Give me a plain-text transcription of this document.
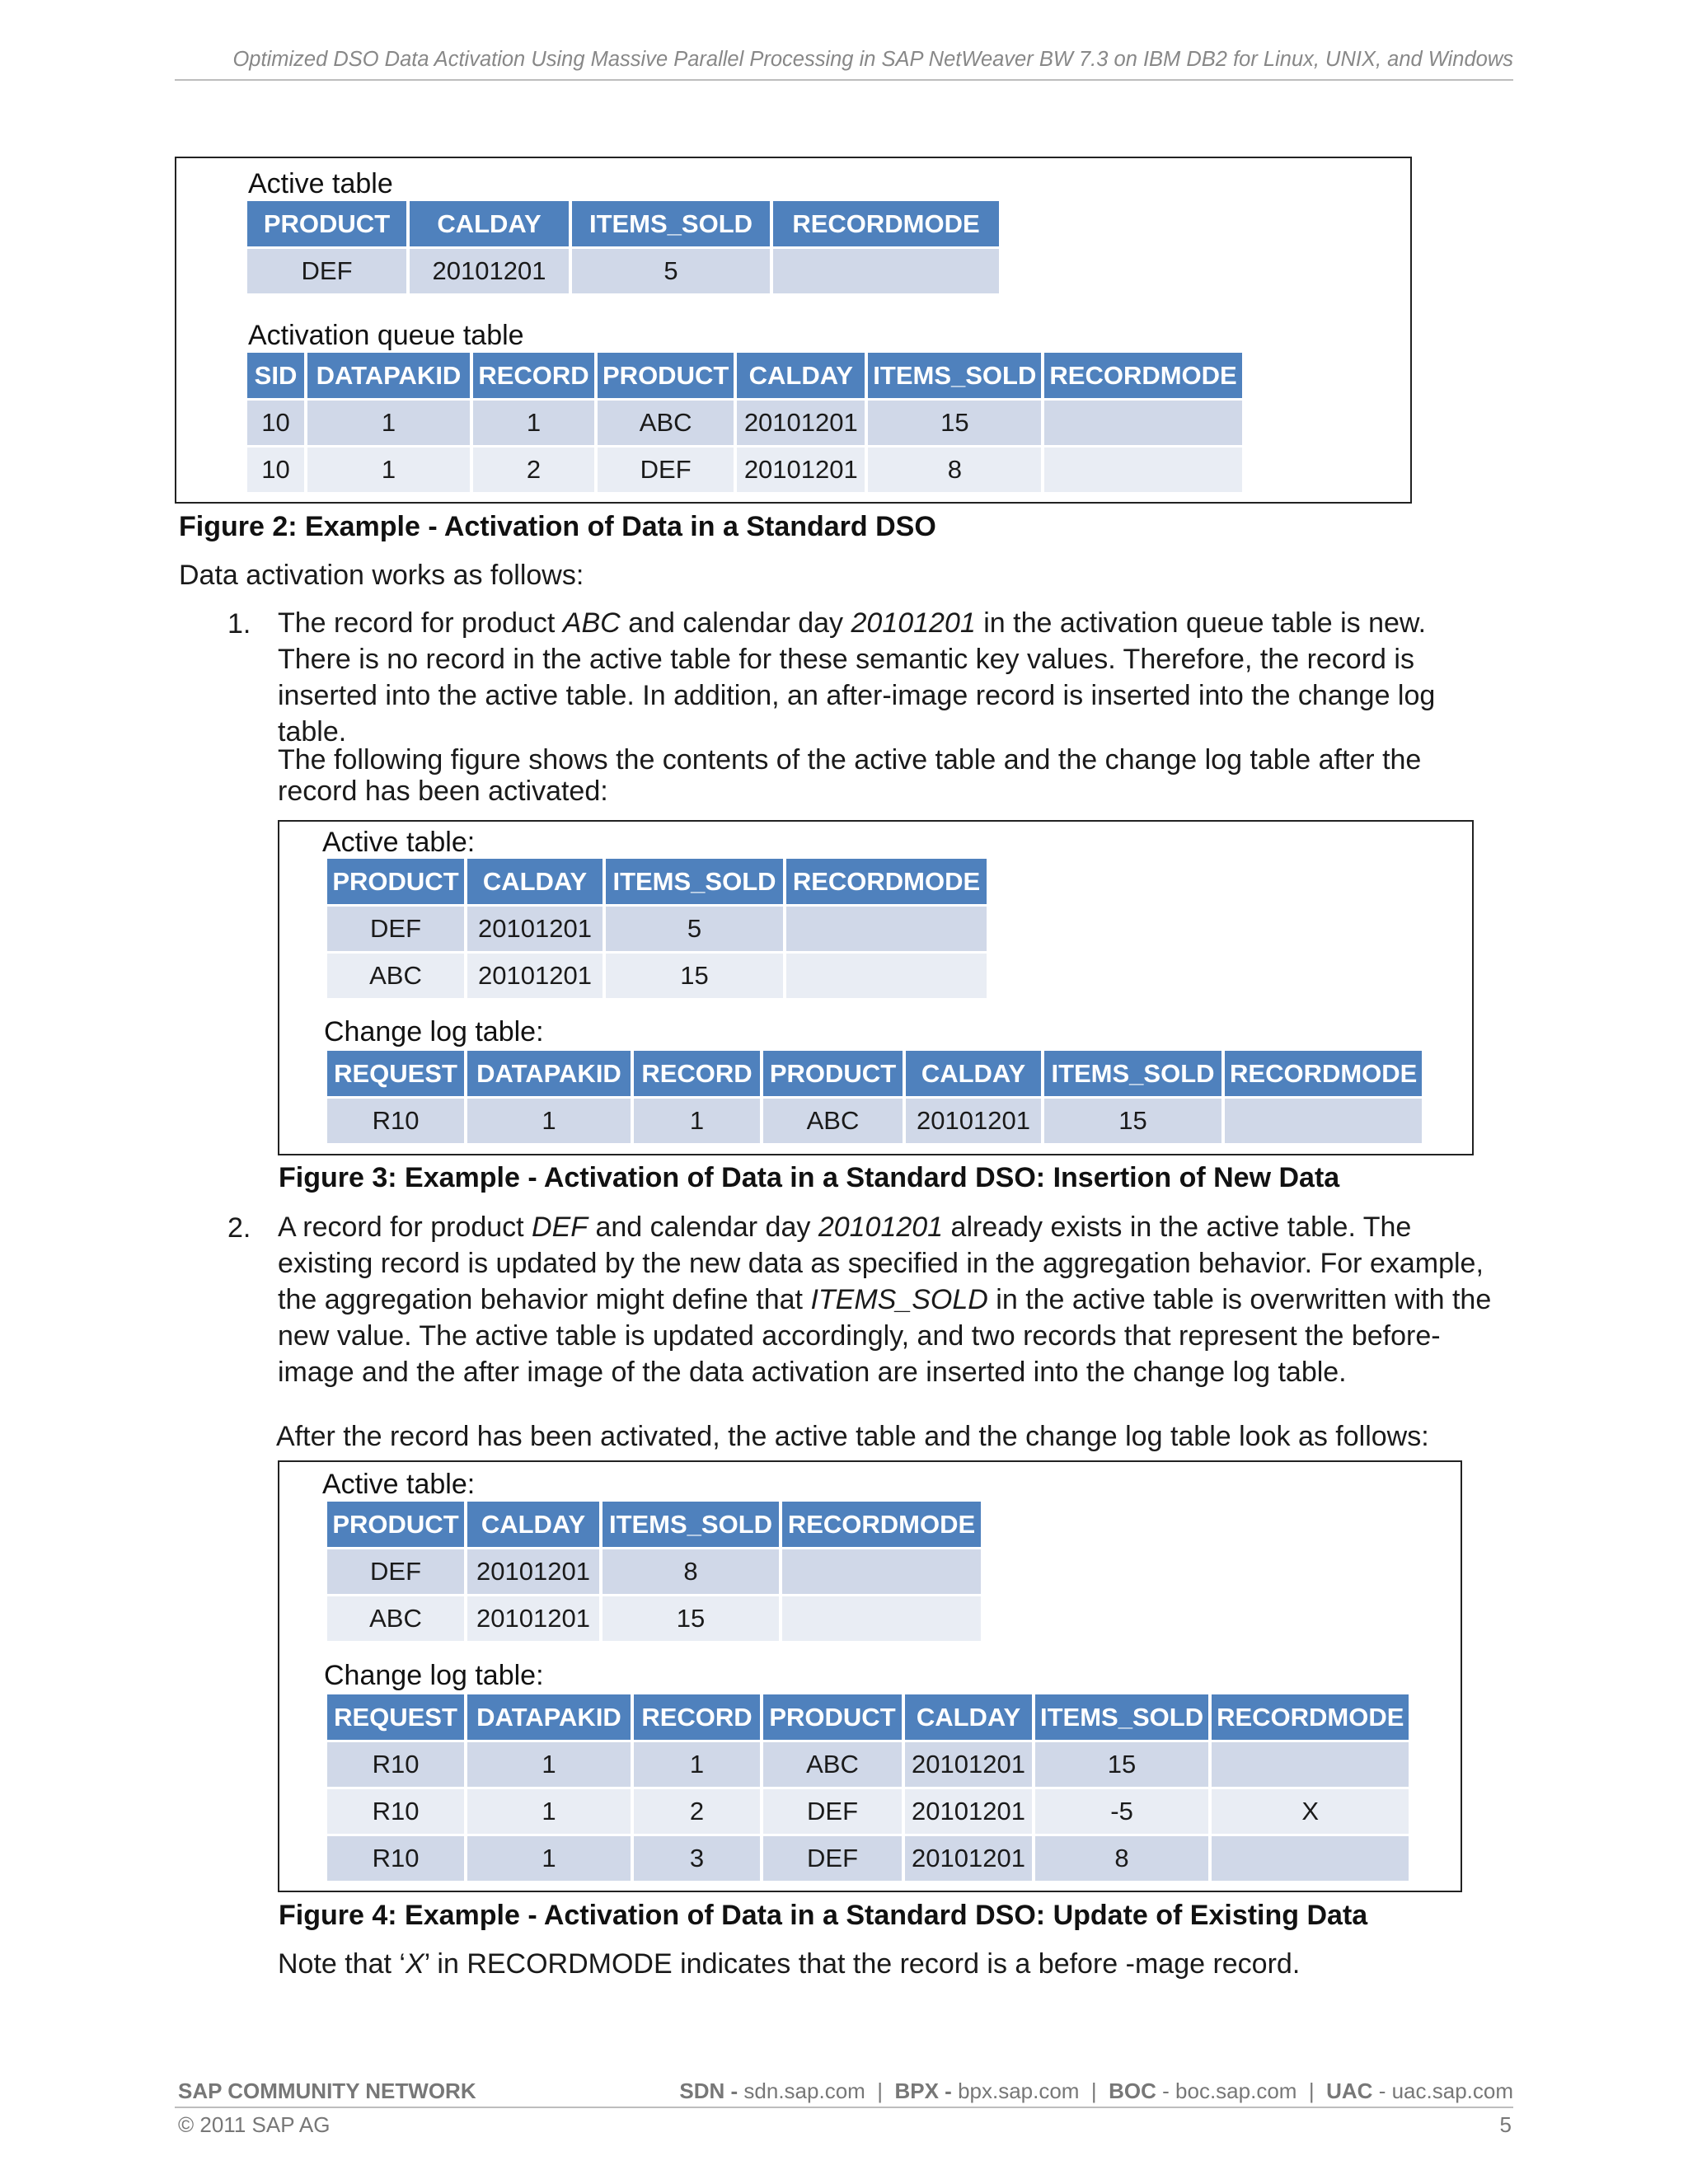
Optimized DSO Data Activation Using Massive Parallel Processing in SAP NetWeaver BW 7.3 on IBM DB2 for Linux, UNIX, and Windows
Active table
PRODUCT	CALDAY	ITEMS_SOLD	RECORDMODE
DEF	20101201	5	
Activation queue table
SID	DATAPAKID	RECORD	PRODUCT	CALDAY	ITEMS_SOLD	RECORDMODE
10	1	1	ABC	20101201	15	
10	1	2	DEF	20101201	8	
Figure 2: Example - Activation of Data in a Standard DSO
Data activation works as follows:
1. The record for product ABC and calendar day 20101201 in the activation queue table is new. There is no record in the active table for these semantic key values. Therefore, the record is inserted into the active table. In addition, an after-image record is inserted into the change log table.
The following figure shows the contents of the active table and the change log table after the record has been activated:
Active table:
PRODUCT	CALDAY	ITEMS_SOLD	RECORDMODE
DEF	20101201	5	
ABC	20101201	15	
Change log table:
REQUEST	DATAPAKID	RECORD	PRODUCT	CALDAY	ITEMS_SOLD	RECORDMODE
R10	1	1	ABC	20101201	15	
Figure 3: Example - Activation of Data in a Standard DSO: Insertion of New Data
2. A record for product DEF and calendar day 20101201 already exists in the active table. The existing record is updated by the new data as specified in the aggregation behavior. For example, the aggregation behavior might define that ITEMS_SOLD in the active table is overwritten with the new value. The active table is updated accordingly, and two records that represent the before-image and the after image of the data activation are inserted into the change log table.
After the record has been activated, the active table and the change log table look as follows:
Active table:
PRODUCT	CALDAY	ITEMS_SOLD	RECORDMODE
DEF	20101201	8	
ABC	20101201	15	
Change log table:
REQUEST	DATAPAKID	RECORD	PRODUCT	CALDAY	ITEMS_SOLD	RECORDMODE
R10	1	1	ABC	20101201	15	
R10	1	2	DEF	20101201	-5	X
R10	1	3	DEF	20101201	8	
Figure 4: Example - Activation of Data in a Standard DSO: Update of Existing Data
Note that ‘X’ in RECORDMODE indicates that the record is a before -mage record.
SAP COMMUNITY NETWORK	SDN - sdn.sap.com | BPX - bpx.sap.com | BOC - boc.sap.com | UAC - uac.sap.com
© 2011 SAP AG	5
